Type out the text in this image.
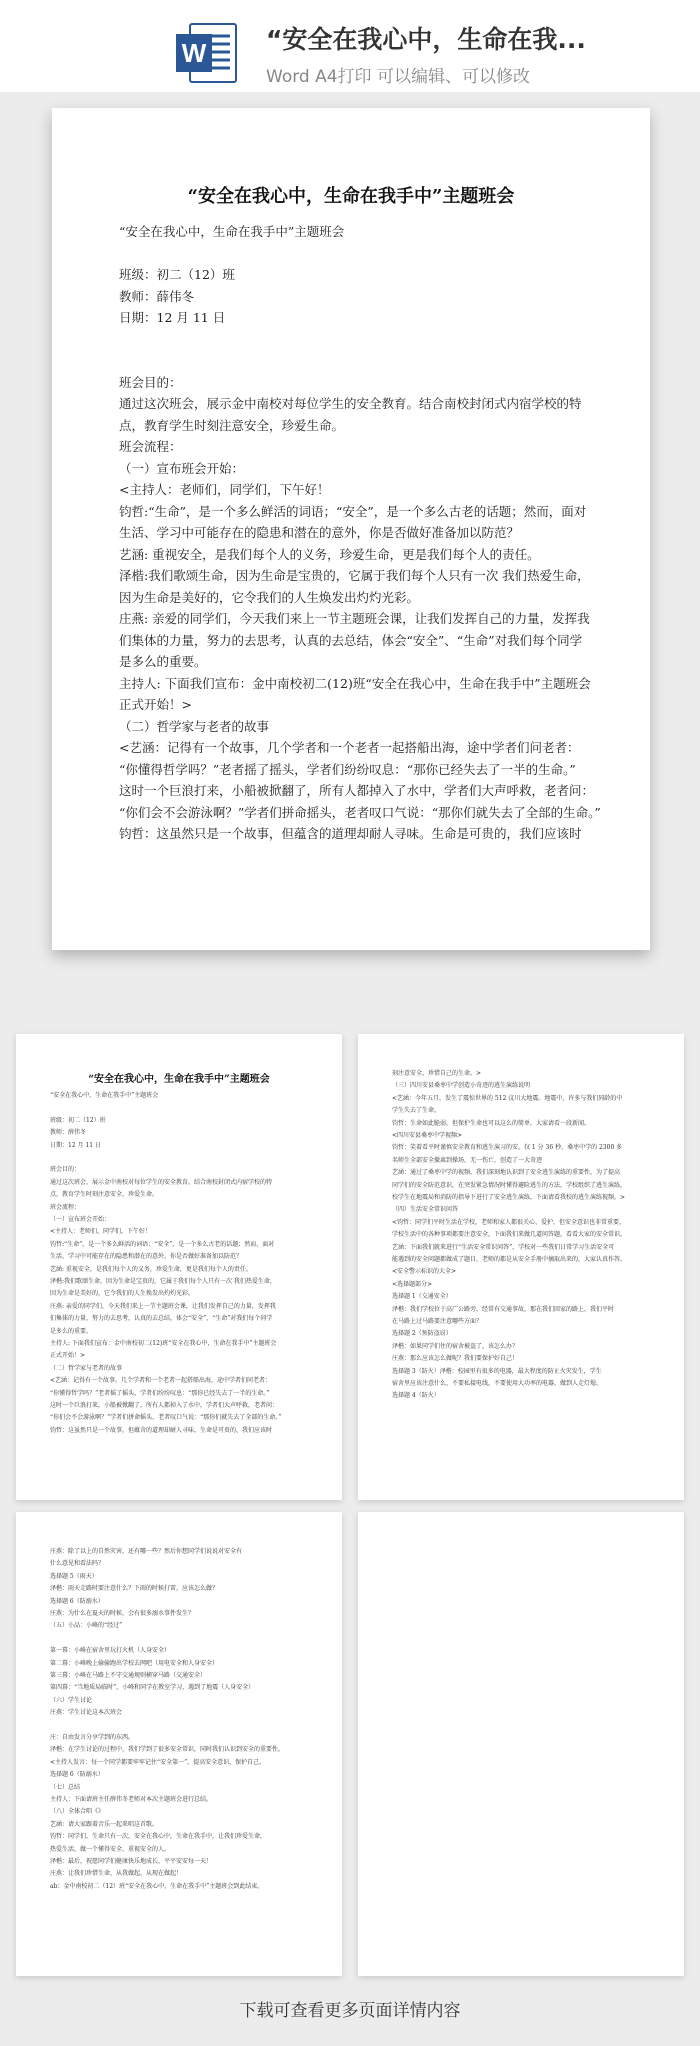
W “安全在我心中，生命在我...
Word A4打印 可以编辑、可以修改
“安全在我心中，生命在我手中”主题班会
“安全在我心中，生命在我手中”主题班会
班级：初二（12）班
教师：薛伟冬
日期：12 月 11 日
班会目的：
通过这次班会，展示金中南校对每位学生的安全教育。结合南校封闭式内宿学校的特
点，教育学生时刻注意安全，珍爱生命。
班会流程：
（一）宣布班会开始：
<主持人：老师们，同学们，下午好！
钧哲:“生命”，是一个多么鲜活的词语；“安全”，是一个多么古老的话题；然而，面对
生活、学习中可能存在的隐患和潜在的意外，你是否做好准备加以防范？
艺涵: 重视安全，是我们每个人的义务，珍爱生命，更是我们每个人的责任。
泽楷:我们歌颂生命，因为生命是宝贵的，它属于我们每个人只有一次 我们热爱生命，
因为生命是美好的，它令我们的人生焕发出灼灼光彩。
庄燕: 亲爱的同学们，今天我们来上一节主题班会课，让我们发挥自己的力量，发挥我
们集体的力量，努力的去思考，认真的去总结，体会“安全”、“生命”对我们每个同学
是多么的重要。
主持人: 下面我们宣布：金中南校初二(12)班“安全在我心中，生命在我手中”主题班会
正式开始！>
（二）哲学家与老者的故事
<艺涵：记得有一个故事，几个学者和一个老者一起搭船出海，途中学者们问老者：
“你懂得哲学吗？”老者摇了摇头，学者们纷纷叹息：“那你已经失去了一半的生命。”
这时一个巨浪打来，小船被掀翻了，所有人都掉入了水中，学者们大声呼救，老者问：
“你们会不会游泳啊？”学者们拼命摇头，老者叹口气说：“那你们就失去了全部的生命。”
钧哲：这虽然只是一个故事，但蕴含的道理却耐人寻味。生命是可贵的，我们应该时
“安全在我心中，生命在我手中”主题班会
“安全在我心中，生命在我手中”主题班会
班级：初二（12）班
教师：薛伟冬
日期：12 月 11 日
班会目的：
通过这次班会，展示金中南校对每位学生的安全教育。结合南校封闭式内宿学校的特
点，教育学生时刻注意安全，珍爱生命。
班会流程：
（一）宣布班会开始：
<主持人：老师们，同学们，下午好！
钧哲:“生命”，是一个多么鲜活的词语；“安全”，是一个多么古老的话题；然而，面对
生活、学习中可能存在的隐患和潜在的意外，你是否做好准备加以防范？
艺涵: 重视安全，是我们每个人的义务，珍爱生命，更是我们每个人的责任。
泽楷:我们歌颂生命，因为生命是宝贵的，它属于我们每个人只有一次 我们热爱生命，
因为生命是美好的，它令我们的人生焕发出灼灼光彩。
庄燕: 亲爱的同学们，今天我们来上一节主题班会课，让我们发挥自己的力量，发挥我
们集体的力量，努力的去思考，认真的去总结，体会“安全”、“生命”对我们每个同学
是多么的重要。
主持人: 下面我们宣布：金中南校初二(12)班“安全在我心中，生命在我手中”主题班会
正式开始！>
（二）哲学家与老者的故事
<艺涵：记得有一个故事，几个学者和一个老者一起搭船出海，途中学者们问老者：
“你懂得哲学吗？”老者摇了摇头，学者们纷纷叹息：“那你已经失去了一半的生命。”
这时一个巨浪打来，小船被掀翻了，所有人都掉入了水中，学者们大声呼救，老者问：
“你们会不会游泳啊？”学者们拼命摇头，老者叹口气说：“那你们就失去了全部的生命。”
钧哲：这虽然只是一个故事，但蕴含的道理却耐人寻味。生命是可贵的，我们应该时
刻注意安全，珍惜自己的生命。>
（三）四川安县桑枣中学创造小奇迹的逃生演练说明
<艺涵：今年五月，发生了震惊世界的 512 汶川大地震。地震中，许多与我们同龄的中
学生失去了生命。
钧哲：生命如此脆弱，但保护生命也可以这么的简单，大家请看一段新闻。
<四川安县桑枣中学视频>
钧哲：笑着看平时谨慎安全教育和逃生演习的安，仅 1 分 36 秒，桑枣中学的 2300 多
名师生全部安全撤离到操场，无一伤亡，创造了一大奇迹
艺涵：通过了桑枣中学的视频，我们深刻地认识到了安全逃生演练的重要性，为了提高
同学们的安全防范意识，在突发紧急情况时懂得避险逃生的方法，学校组织了逃生演练，
校学生在地震局和消防的指导下进行了安全逃生演练，下面请看我校的逃生演练视频。>
（四）生活安全常识问答
<钧哲：同学们平时生活在学校，老师和家人都很关心、爱护，但安全意识也非常重要，
学校生活中的各种事项都要注意安全，下面我们来做几道问答题，看看大家的安全常识。
艺涵：下面我们就来进行“生活安全常识问答”，学校对一些我们日常学习生活安全可
能遇到的安全问题都做成了题目，老师的都是从安全手册中摘取出来的，大家认真作答。
<安全警示标识的大全>
<选择题部分>
选择题 1（交通安全）
泽楷：我们学校位于高广公路旁，经常有交通事故，那在我们回家的路上，我们平时
在马路上过马路要注意哪些方面？
选择题 2（预防盗窃）
泽楷：如果同学们住的宿舍被盗了，该怎么办？
庄燕：那么应该怎么做呢？我们要保护好自己！
选择题 3（防火）泽楷：校园里有很多的电器，最大程度的防止火灾发生，学生
宿舍里应该注意什么，不要私接电线，不要使用大功率的电器，做到人走灯熄。
选择题 4（防火）
庄燕：除了以上的自然灾害，还有哪一些？然后你想同学们说说对安全有
什么意见和看法吗？
选择题 5（雨天）
泽楷：雨天走路时要注意什么？下雨的时候打雷，应该怎么做？
选择题 6（防溺水）
庄燕：为什么在夏天的时候，会有很多溺水事件发生？
（五）小品：小峰的“经过”
第一幕：小峰在宿舍里玩打火机（人身安全）
第二幕：小峰晚上偷偷跑出学校去网吧（用电安全和人身安全）
第三幕：小峰在马路上不守交通规则横穿马路（交通安全）
第四幕：“当地质局临时”，小峰和同学在教室学习，遇到了地震（人身安全）
（六）学生讨论
庄燕：学生讨论这本次班会
庄：自由发言分享学到的东西。
泽楷：在学生讨论的过程中，我们学到了很多安全常识，同时我们认识到安全的重要性，
<主持人发言：每一个同学都要牢牢记住“安全第一”，提高安全意识，保护自己。
选择题 6（防溺水）
（七）总结
主持人：下面请班主任薛伟冬老师对本次主题班会进行总结。
（八）全体合唱《》
艺涵：请大家跟着音乐一起来唱这首歌。
钧哲：同学们，生命只有一次，安全在我心中，生命在我手中，让我们珍爱生命，
热爱生活，做一个懂得安全、重视安全的人。
泽楷：最后，祝愿同学们健康快乐地成长，平平安安每一天！
庄燕：让我们珍惜生命，从我做起，从现在做起！
ab：金中南校初二（12）班“安全在我心中，生命在我手中”主题班会到此结束。
下载可查看更多页面详情内容
